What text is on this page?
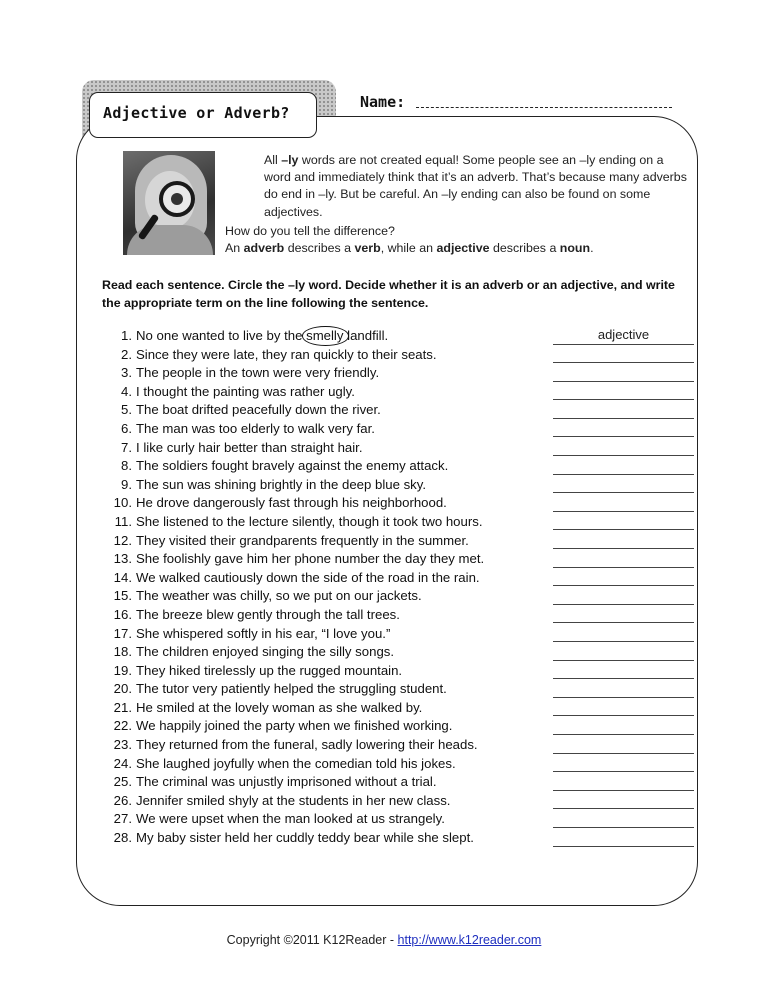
Adjective or Adverb?
Name:

All –ly words are not created equal! Some people see an –ly ending on a word and immediately think that it’s an adverb. That’s because many adverbs do end in –ly. But be careful. An –ly ending can also be found on some adjectives.

How do you tell the difference?

An adverb describes a verb, while an adjective describes a noun.

Read each sentence. Circle the –ly word. Decide whether it is an adverb or an adjective, and write the appropriate term on the line following the sentence.
1. No one wanted to live by the smelly landfill.	adjective
2. Since they were late, they ran quickly to their seats.
3. The people in the town were very friendly.
4. I thought the painting was rather ugly.
5. The boat drifted peacefully down the river.
6. The man was too elderly to walk very far.
7. I like curly hair better than straight hair.
8. The soldiers fought bravely against the enemy attack.
9. The sun was shining brightly in the deep blue sky.
10. He drove dangerously fast through his neighborhood.
11. She listened to the lecture silently, though it took two hours.
12. They visited their grandparents frequently in the summer.
13. She foolishly gave him her phone number the day they met.
14. We walked cautiously down the side of the road in the rain.
15. The weather was chilly, so we put on our jackets.
16. The breeze blew gently through the tall trees.
17. She whispered softly in his ear, “I love you.”
18. The children enjoyed singing the silly songs.
19. They hiked tirelessly up the rugged mountain.
20. The tutor very patiently helped the struggling student.
21. He smiled at the lovely woman as she walked by.
22. We happily joined the party when we finished working.
23. They returned from the funeral, sadly lowering their heads.
24. She laughed joyfully when the comedian told his jokes.
25. The criminal was unjustly imprisoned without a trial.
26. Jennifer smiled shyly at the students in her new class.
27. We were upset when the man looked at us strangely.
28. My baby sister held her cuddly teddy bear while she slept.
Copyright ©2011 K12Reader - http://www.k12reader.com
